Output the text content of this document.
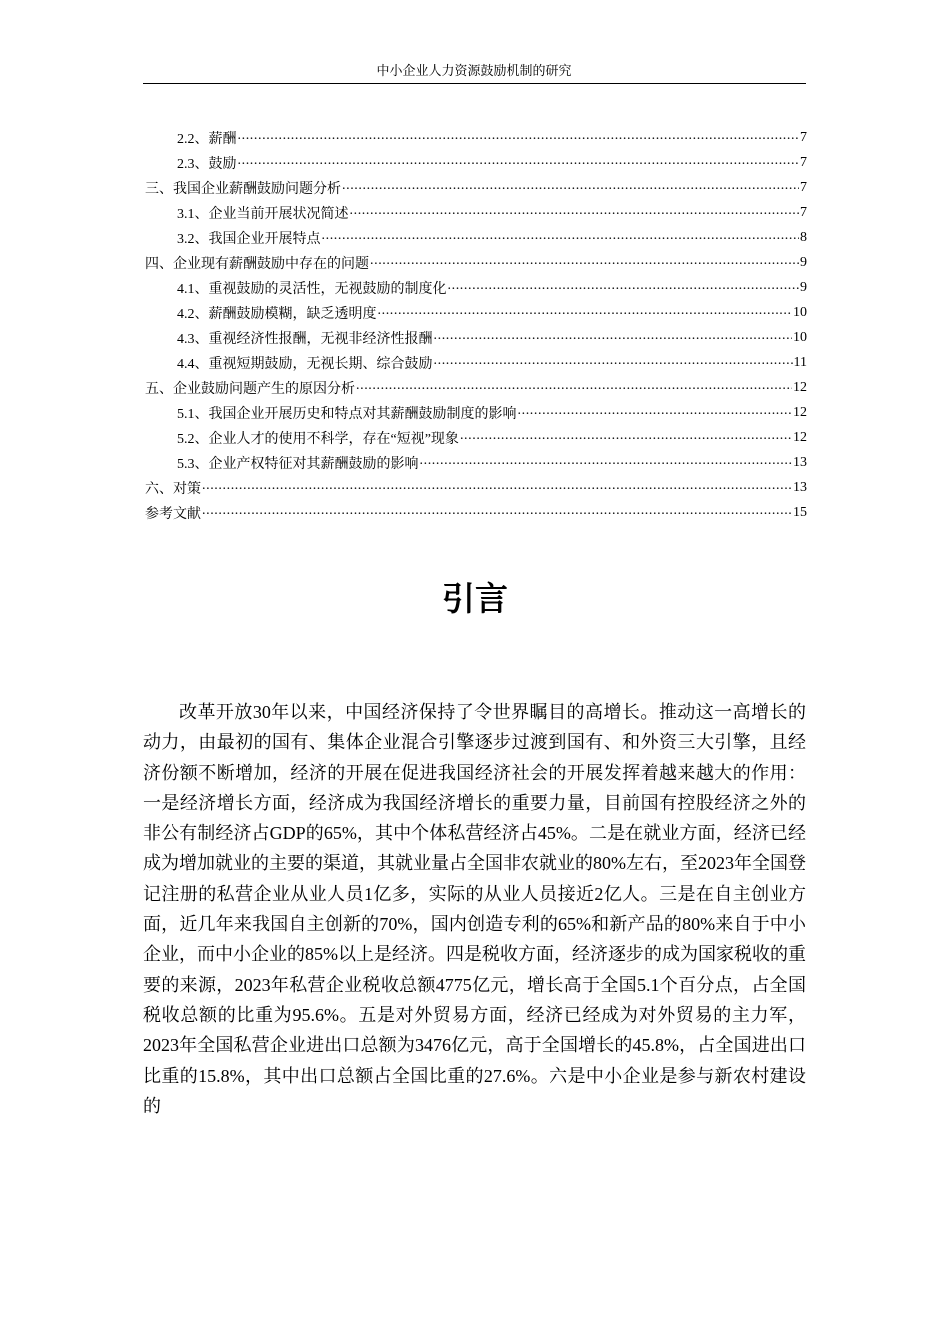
中小企业人力资源鼓励机制的研究
2.2、薪酬 .....	7
2.3、鼓励 .....	7
三、我国企业薪酬鼓励问题分析 .....	7
3.1、企业当前开展状况简述 .....	7
3.2、我国企业开展特点 .....	8
四、企业现有薪酬鼓励中存在的问题 .....	9
4.1、重视鼓励的灵活性，无视鼓励的制度化 .....	9
4.2、薪酬鼓励模糊，缺乏透明度 .....	10
4.3、重视经济性报酬，无视非经济性报酬 .....	10
4.4、重视短期鼓励，无视长期、综合鼓励 .....	11
五、企业鼓励问题产生的原因分析 .....	12
5.1、我国企业开展历史和特点对其薪酬鼓励制度的影响 .....	12
5.2、企业人才的使用不科学，存在“短视”现象 .....	12
5.3、企业产权特征对其薪酬鼓励的影响 .....	13
六、对策 .....	13
参考文献 .....	15
引言

改革开放30年以来，中国经济保持了令世界瞩目的高增长。推动这一高增长的动力，由最初的国有、集体企业混合引擎逐步过渡到国有、和外资三大引擎，且经济份额不断增加，经济的开展在促进我国经济社会的开展发挥着越来越大的作用：一是经济增长方面，经济成为我国经济增长的重要力量，目前国有控股经济之外的非公有制经济占GDP的65%，其中个体私营经济占45%。二是在就业方面，经济已经成为增加就业的主要的渠道，其就业量占全国非农就业的80%左右，至2023年全国登记注册的私营企业从业人员1亿多，实际的从业人员接近2亿人。三是在自主创业方面，近几年来我国自主创新的70%，国内创造专利的65%和新产品的80%来自于中小企业，而中小企业的85%以上是经济。四是税收方面，经济逐步的成为国家税收的重要的来源，2023年私营企业税收总额4775亿元，增长高于全国5.1个百分点，占全国税收总额的比重为95.6%。五是对外贸易方面，经济已经成为对外贸易的主力军，2023年全国私营企业进出口总额为3476亿元，高于全国增长的45.8%，占全国进出口比重的15.8%，其中出口总额占全国比重的27.6%。六是中小企业是参与新农村建设的
